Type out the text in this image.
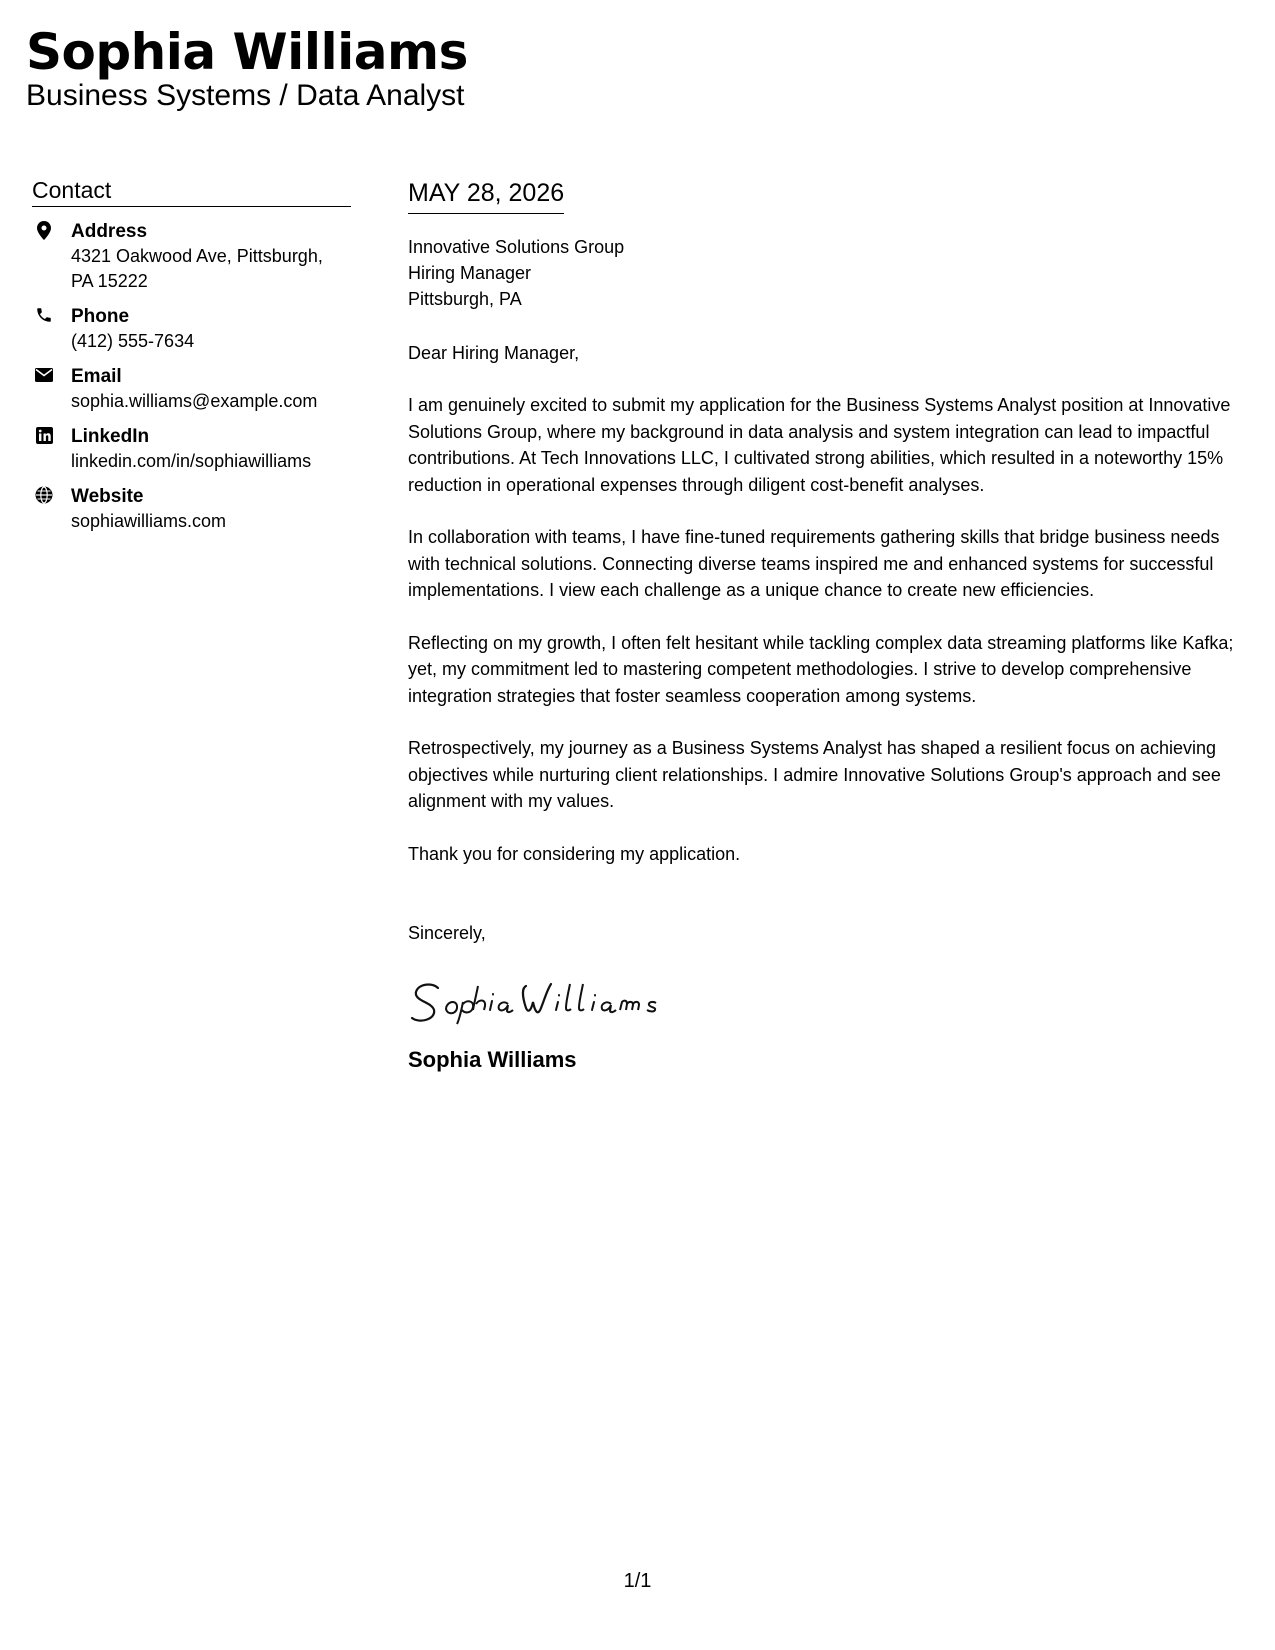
Sophia Williams
Business Systems / Data Analyst
Contact
Address
4321 Oakwood Ave, Pittsburgh,
PA 15222
Phone
(412) 555-7634
Email
sophia.williams@example.com
LinkedIn
linkedin.com/in/sophiawilliams
Website
sophiawilliams.com
MAY 28, 2026
Innovative Solutions Group
Hiring Manager
Pittsburgh, PA
Dear Hiring Manager,
I am genuinely excited to submit my application for the Business Systems Analyst position at Innovative Solutions Group, where my background in data analysis and system integration can lead to impactful contributions. At Tech Innovations LLC, I cultivated strong abilities, which resulted in a noteworthy 15% reduction in operational expenses through diligent cost-benefit analyses.
In collaboration with teams, I have fine-tuned requirements gathering skills that bridge business needs with technical solutions. Connecting diverse teams inspired me and enhanced systems for successful implementations. I view each challenge as a unique chance to create new efficiencies.
Reflecting on my growth, I often felt hesitant while tackling complex data streaming platforms like Kafka; yet, my commitment led to mastering competent methodologies. I strive to develop comprehensive integration strategies that foster seamless cooperation among systems.
Retrospectively, my journey as a Business Systems Analyst has shaped a resilient focus on achieving objectives while nurturing client relationships. I admire Innovative Solutions Group's approach and see alignment with my values.
Thank you for considering my application.
Sincerely,
Sophia Williams
1/1
